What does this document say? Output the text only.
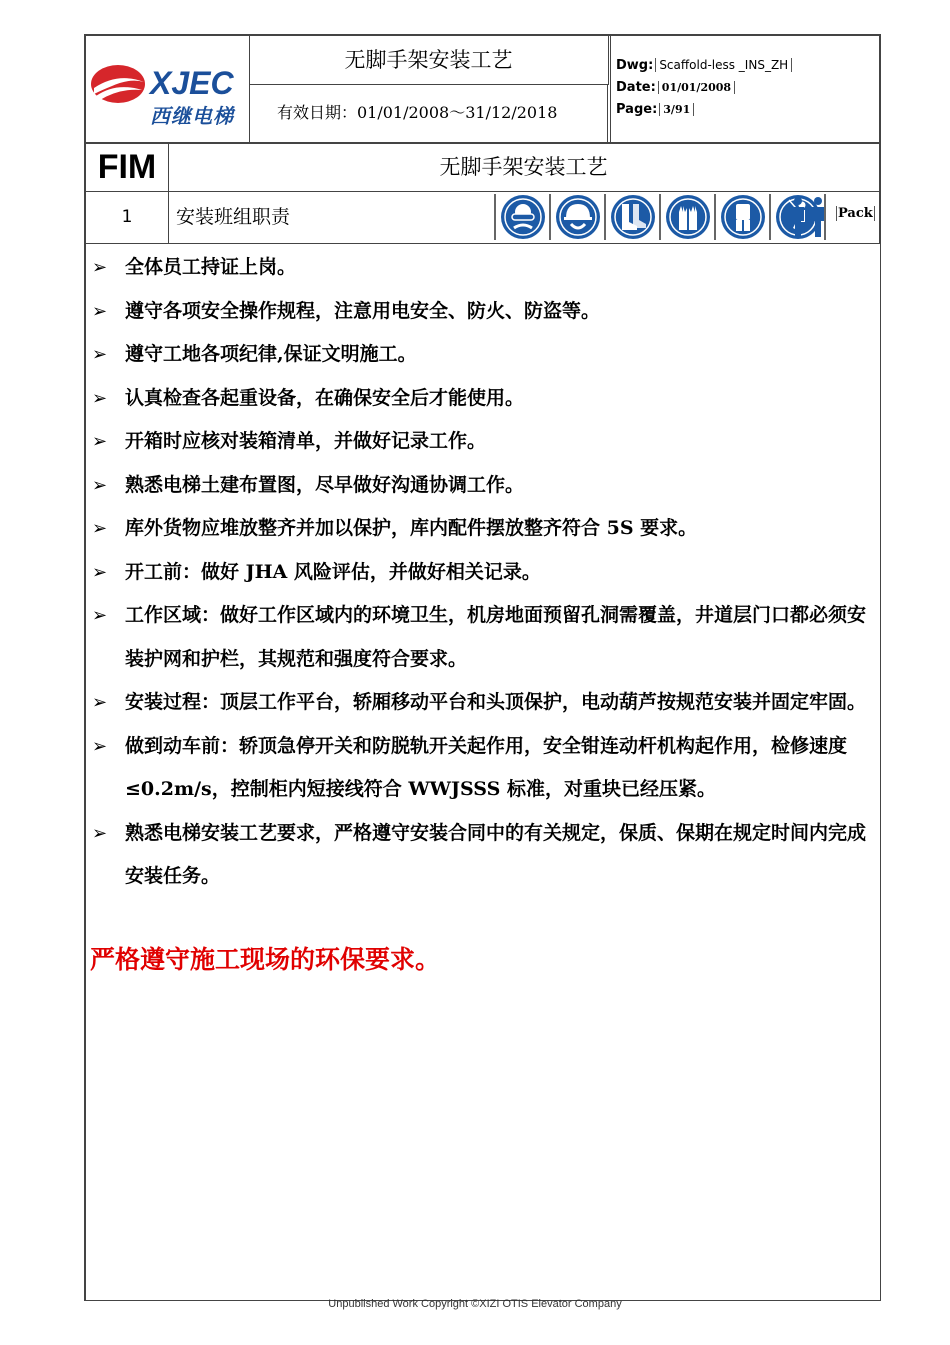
XJEC
西继电梯
无脚手架安装工艺
有效日期：01/01/2008～31/12/2018
Dwg: Scaffold-less _INS_ZH
Date: 01/01/2008
Page: 3/91
FIM	无脚手架安装工艺
1	安装班组职责	Pack
➢ 全体员工持证上岗。
➢ 遵守各项安全操作规程，注意用电安全、防火、防盗等。
➢ 遵守工地各项纪律,保证文明施工。
➢ 认真检查各起重设备，在确保安全后才能使用。
➢ 开箱时应核对装箱清单，并做好记录工作。
➢ 熟悉电梯土建布置图，尽早做好沟通协调工作。
➢ 库外货物应堆放整齐并加以保护，库内配件摆放整齐符合 5S 要求。
➢ 开工前：做好 JHA 风险评估，并做好相关记录。
➢ 工作区域：做好工作区域内的环境卫生，机房地面预留孔洞需覆盖，井道层门口都必须安装护网和护栏，其规范和强度符合要求。
➢ 安装过程：顶层工作平台，轿厢移动平台和头顶保护，电动葫芦按规范安装并固定牢固。
➢ 做到动车前：轿顶急停开关和防脱轨开关起作用，安全钳连动杆机构起作用，检修速度≤0.2m/s，控制柜内短接线符合 WWJSSS 标准，对重块已经压紧。
➢ 熟悉电梯安装工艺要求，严格遵守安装合同中的有关规定，保质、保期在规定时间内完成安装任务。
严格遵守施工现场的环保要求。
Unpublished Work Copyright ©XIZI OTIS Elevator Company
